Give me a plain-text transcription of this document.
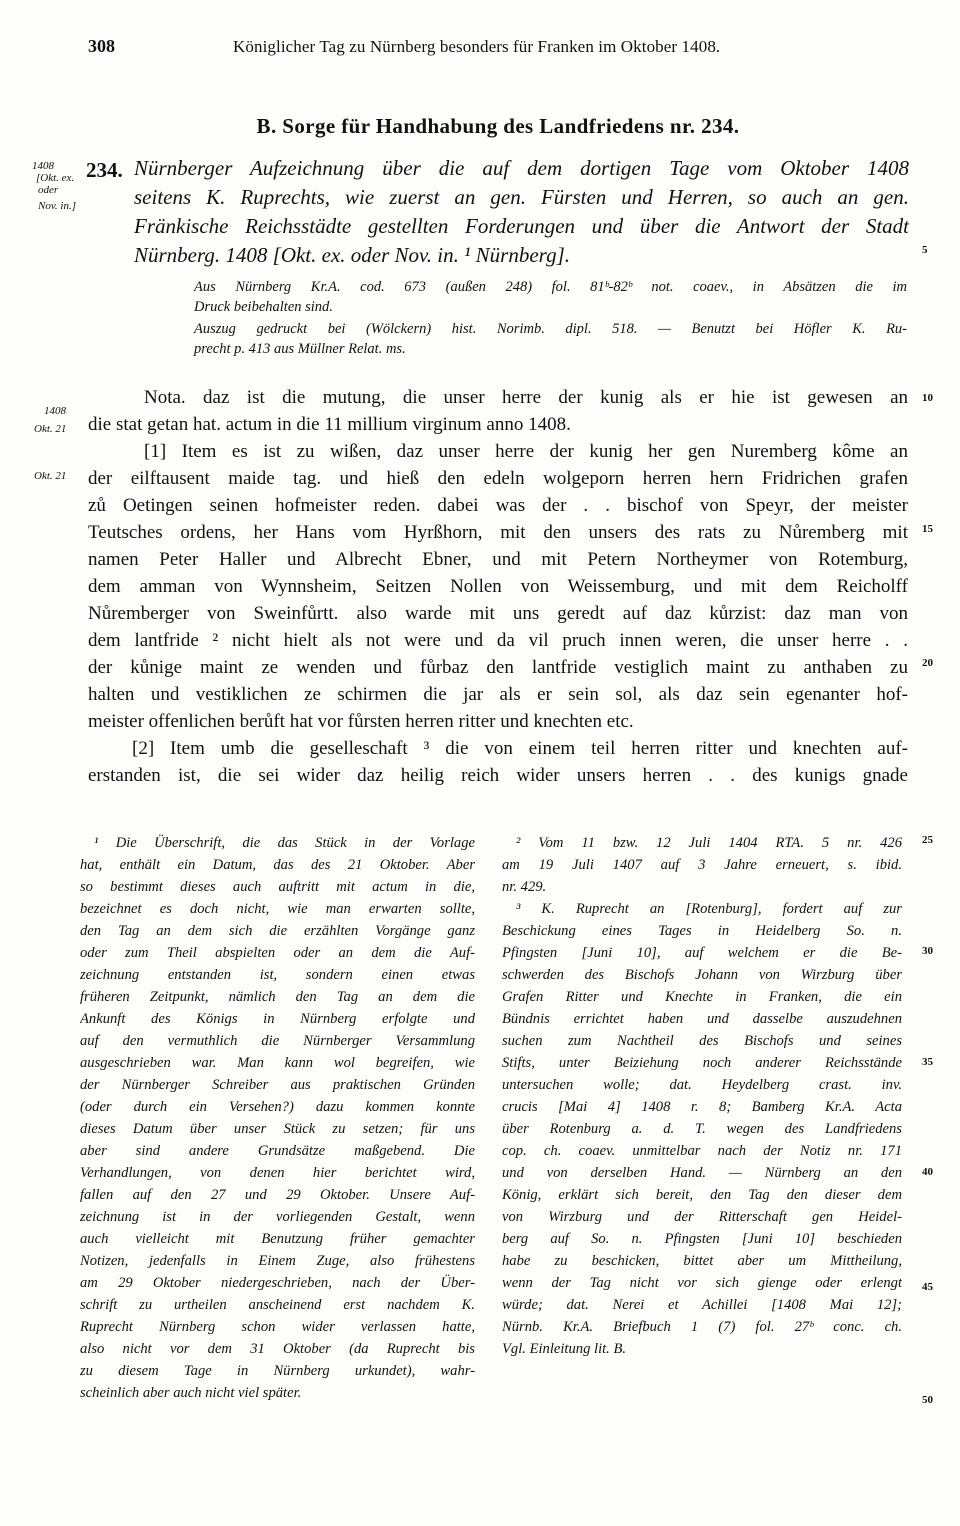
308	Königlicher Tag zu Nürnberg besonders für Franken im Oktober 1408.
B. Sorge für Handhabung des Landfriedens nr. 234.
1408
[Okt. ex.
oder
Nov. in.]
1408
Okt. 21
Okt. 21
5
10
15
20
25
30
35
40
45
50
234. Nürnberger Aufzeichnung über die auf dem dortigen Tage vom Oktober 1408
seitens K. Ruprechts, wie zuerst an gen. Fürsten und Herren, so auch an gen.
Fränkische Reichsstädte gestellten Forderungen und über die Antwort der Stadt
Nürnberg. 1408 [Okt. ex. oder Nov. in. ¹ Nürnberg].
Aus Nürnberg Kr.A. cod. 673 (außen 248) fol. 81ᵇ-82ᵇ not. coaev., in Absätzen die im
Druck beibehalten sind.
Auszug gedruckt bei (Wölckern) hist. Norimb. dipl. 518. — Benutzt bei Höfler K. Ru-
precht p. 413 aus Müllner Relat. ms.
Nota. daz ist die mutung, die unser herre der kunig als er hie ist gewesen an
die stat getan hat. actum in die 11 millium virginum anno 1408.
[1] Item es ist zu wißen, daz unser herre der kunig her gen Nuremberg kôme an
der eilftausent maide tag. und hieß den edeln wolgeporn herren hern Fridrichen grafen
zů Oetingen seinen hofmeister reden. dabei was der . . bischof von Speyr, der meister
Teutsches ordens, her Hans vom Hyrßhorn, mit den unsers des rats zu Nůremberg mit
namen Peter Haller und Albrecht Ebner, und mit Petern Northeymer von Rotemburg,
dem amman von Wynnsheim, Seitzen Nollen von Weissemburg, und mit dem Reicholff
Nůremberger von Sweinfůrtt. also warde mit uns geredt auf daz kůrzist: daz man von
dem lantfride ² nicht hielt als not were und da vil pruch innen weren, die unser herre . .
der kůnige maint ze wenden und fůrbaz den lantfride vestiglich maint zu anthaben zu
halten und vestiklichen ze schirmen die jar als er sein sol, als daz sein egenanter hof-
meister offenlichen berůft hat vor fůrsten herren ritter und knechten etc.
[2] Item umb die geselleschaft ³ die von einem teil herren ritter und knechten auf-
erstanden ist, die sei wider daz heilig reich wider unsers herren . . des kunigs gnade
¹ Die Überschrift, die das Stück in der Vorlage
hat, enthält ein Datum, das des 21 Oktober. Aber
so bestimmt dieses auch auftritt mit actum in die,
bezeichnet es doch nicht, wie man erwarten sollte,
den Tag an dem sich die erzählten Vorgänge ganz
oder zum Theil abspielten oder an dem die Auf-
zeichnung entstanden ist, sondern einen etwas
früheren Zeitpunkt, nämlich den Tag an dem die
Ankunft des Königs in Nürnberg erfolgte und
auf den vermuthlich die Nürnberger Versammlung
ausgeschrieben war. Man kann wol begreifen, wie
der Nürnberger Schreiber aus praktischen Gründen
(oder durch ein Versehen?) dazu kommen konnte
dieses Datum über unser Stück zu setzen; für uns
aber sind andere Grundsätze maßgebend. Die
Verhandlungen, von denen hier berichtet wird,
fallen auf den 27 und 29 Oktober. Unsere Auf-
zeichnung ist in der vorliegenden Gestalt, wenn
auch vielleicht mit Benutzung früher gemachter
Notizen, jedenfalls in Einem Zuge, also frühestens
am 29 Oktober niedergeschrieben, nach der Über-
schrift zu urtheilen anscheinend erst nachdem K.
Ruprecht Nürnberg schon wider verlassen hatte,
also nicht vor dem 31 Oktober (da Ruprecht bis
zu diesem Tage in Nürnberg urkundet), wahr-
scheinlich aber auch nicht viel später.
² Vom 11 bzw. 12 Juli 1404 RTA. 5 nr. 426
am 19 Juli 1407 auf 3 Jahre erneuert, s. ibid.
nr. 429.
³ K. Ruprecht an [Rotenburg], fordert auf zur
Beschickung eines Tages in Heidelberg So. n.
Pfingsten [Juni 10], auf welchem er die Be-
schwerden des Bischofs Johann von Wirzburg über
Grafen Ritter und Knechte in Franken, die ein
Bündnis errichtet haben und dasselbe auszudehnen
suchen zum Nachtheil des Bischofs und seines
Stifts, unter Beiziehung noch anderer Reichsstände
untersuchen wolle; dat. Heydelberg crast. inv.
crucis [Mai 4] 1408 r. 8; Bamberg Kr.A. Acta
über Rotenburg a. d. T. wegen des Landfriedens
cop. ch. coaev. unmittelbar nach der Notiz nr. 171
und von derselben Hand. — Nürnberg an den
König, erklärt sich bereit, den Tag den dieser dem
von Wirzburg und der Ritterschaft gen Heidel-
berg auf So. n. Pfingsten [Juni 10] beschieden
habe zu beschicken, bittet aber um Mittheilung,
wenn der Tag nicht vor sich gienge oder erlengt
würde; dat. Nerei et Achillei [1408 Mai 12];
Nürnb. Kr.A. Briefbuch 1 (7) fol. 27ᵇ conc. ch.
Vgl. Einleitung lit. B.
